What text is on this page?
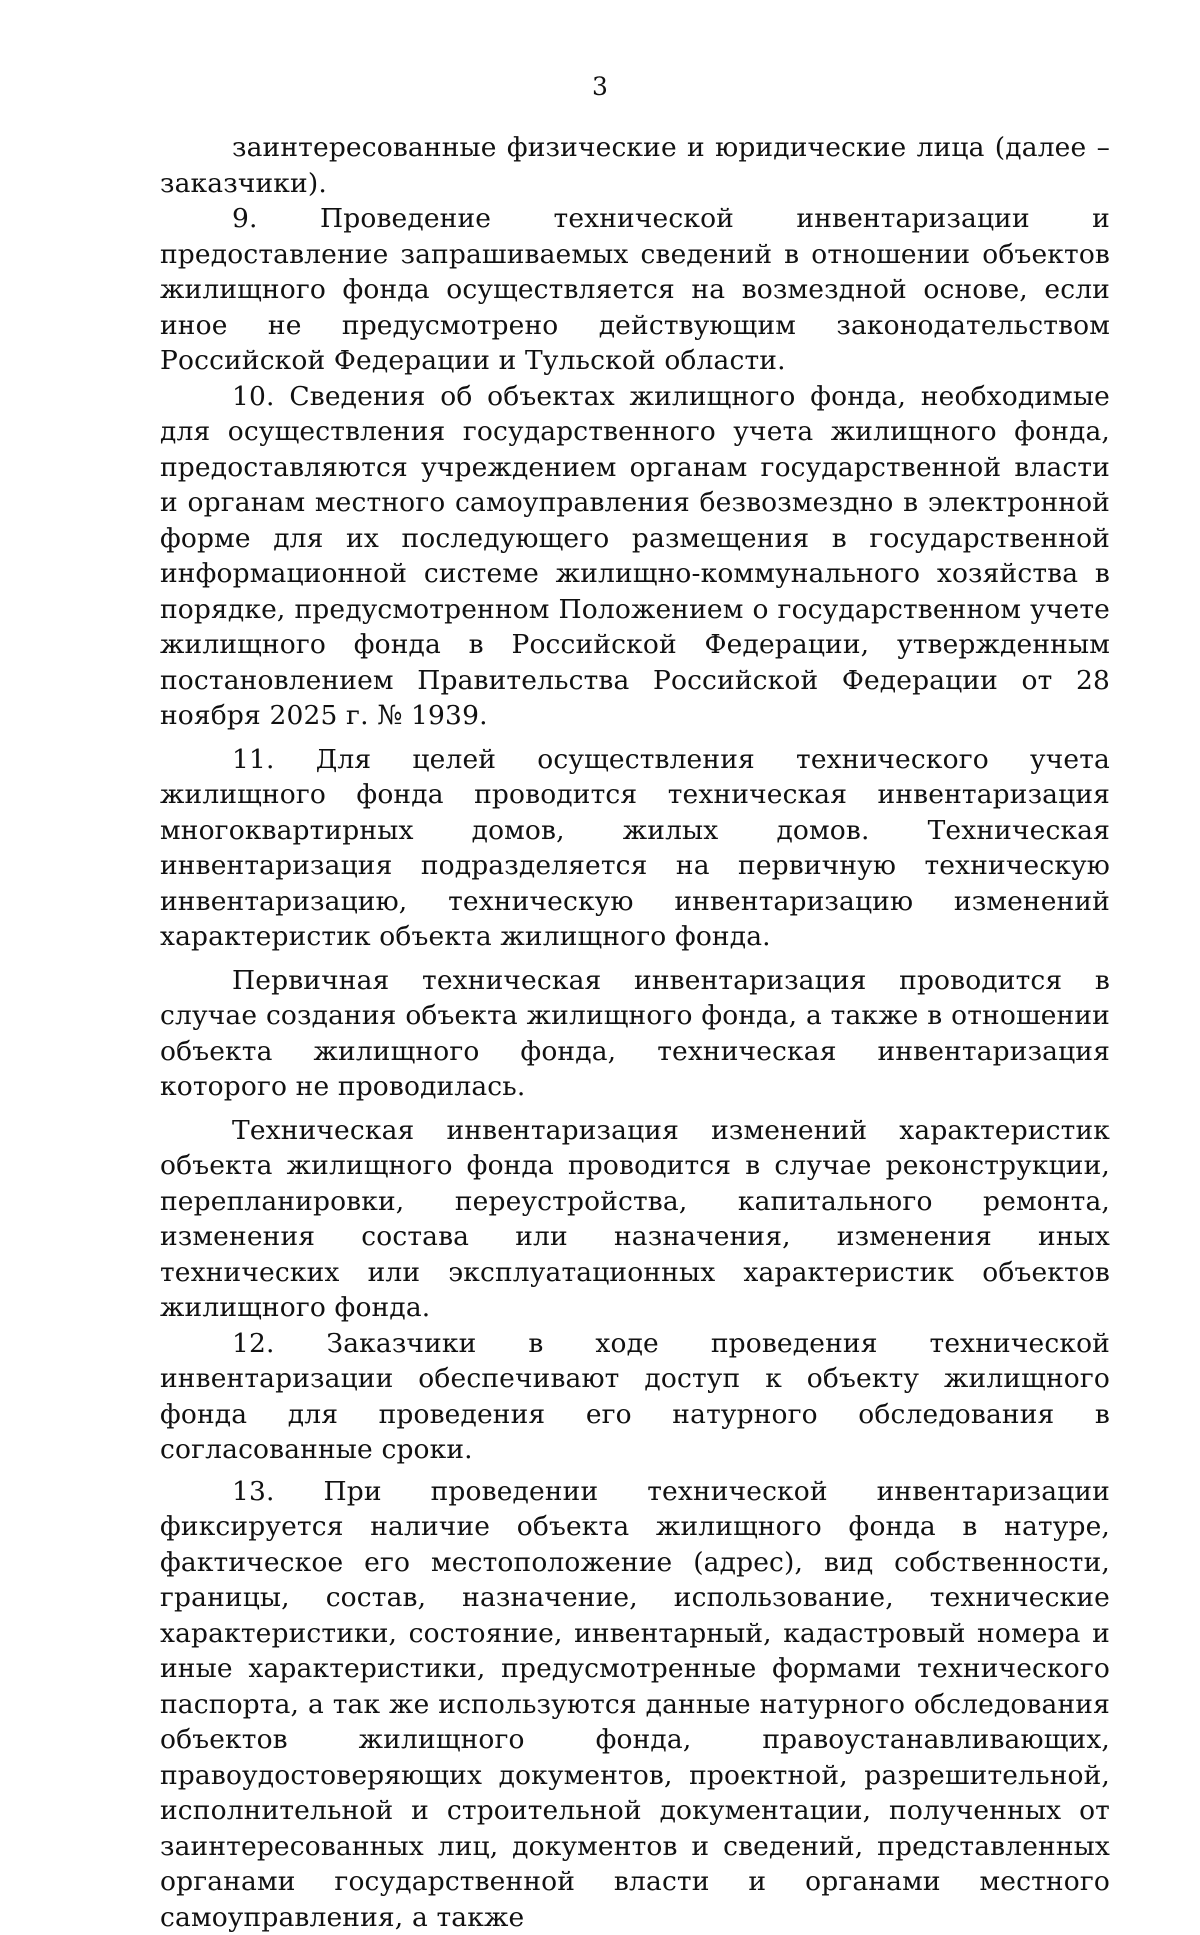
3

заинтересованные физические и юридические лица (далее – заказчики).

9. Проведение технической инвентаризации и предоставление запрашиваемых сведений в отношении объектов жилищного фонда осуществляется на возмездной основе, если иное не предусмотрено действующим законодательством Российской Федерации и Тульской области.

10. Сведения об объектах жилищного фонда, необходимые для осуществления государственного учета жилищного фонда, предоставляются учреждением органам государственной власти и органам местного самоуправления безвозмездно в электронной форме для их последующего размещения в государственной информационной системе жилищно-коммунального хозяйства в порядке, предусмотренном Положением о государственном учете жилищного фонда в Российской Федерации, утвержденным постановлением Правительства Российской Федерации от 28 ноября 2025 г. № 1939.

11. Для целей осуществления технического учета жилищного фонда проводится техническая инвентаризация многоквартирных домов, жилых домов. Техническая инвентаризация подразделяется на первичную техническую инвентаризацию, техническую инвентаризацию изменений характеристик объекта жилищного фонда.

Первичная техническая инвентаризация проводится в случае создания объекта жилищного фонда, а также в отношении объекта жилищного фонда, техническая инвентаризация которого не проводилась.

Техническая инвентаризация изменений характеристик объекта жилищного фонда проводится в случае реконструкции, перепланировки, переустройства, капитального ремонта, изменения состава или назначения, изменения иных технических или эксплуатационных характеристик объектов жилищного фонда.

12. Заказчики в ходе проведения технической инвентаризации обеспечивают доступ к объекту жилищного фонда для проведения его натурного обследования в согласованные сроки.

13. При проведении технической инвентаризации фиксируется наличие объекта жилищного фонда в натуре, фактическое его местоположение (адрес), вид собственности, границы, состав, назначение, использование, технические характеристики, состояние, инвентарный, кадастровый номера и иные характеристики, предусмотренные формами технического паспорта, а так же используются данные натурного обследования объектов жилищного фонда, правоустанавливающих, правоудостоверяющих документов, проектной, разрешительной, исполнительной и строительной документации, полученных от заинтересованных лиц, документов и сведений, представленных органами государственной власти и органами местного самоуправления, а также
